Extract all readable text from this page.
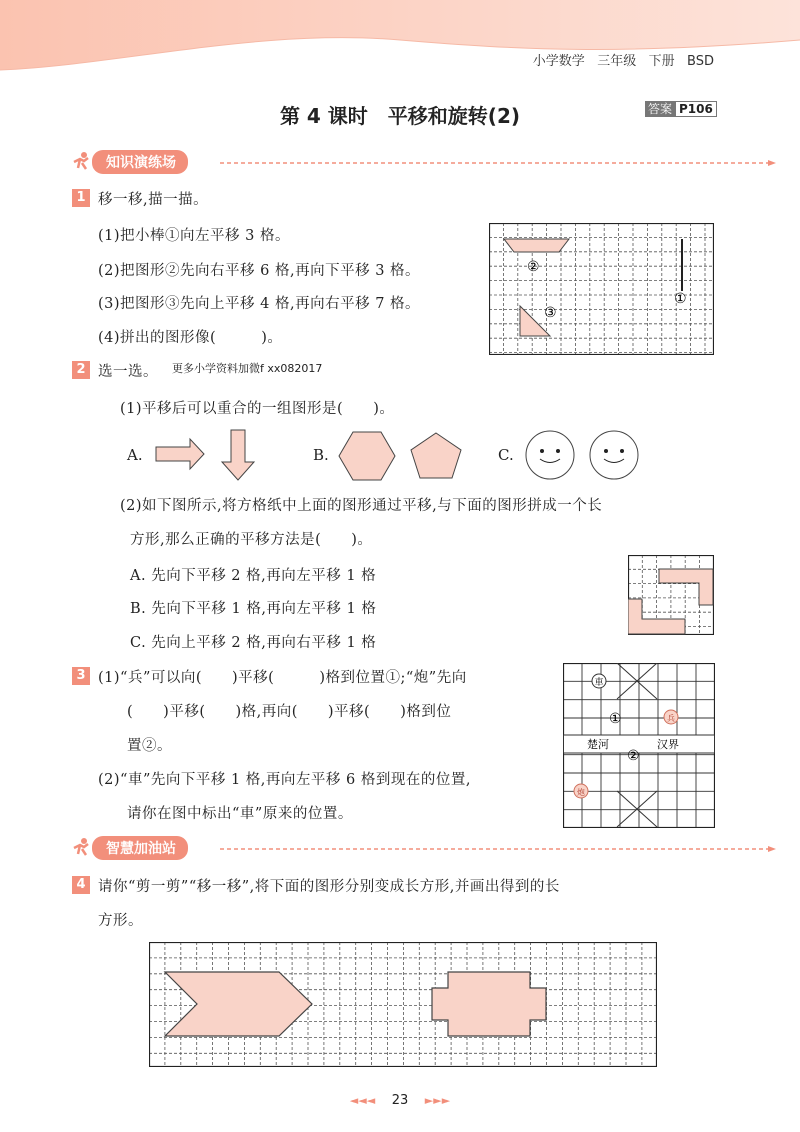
小学数学 三年级 下册 BSD
第 4 课时　平移和旋转(2)	答案 P106
知识演练场
1 移一移,描一描。
(1)把小棒①向左平移 3 格。
(2)把图形②先向右平移 6 格,再向下平移 3 格。
(3)把图形③先向上平移 4 格,再向右平移 7 格。
(4)拼出的图形像(　　　)。
②
①
③
2 选一选。 更多小学资料加微f xx082017
(1)平移后可以重合的一组图形是(　　)。
A.	B.	C.
(2)如下图所示,将方格纸中上面的图形通过平移,与下面的图形拼成一个长
方形,那么正确的平移方法是(　　)。
A. 先向下平移 2 格,再向左平移 1 格
B. 先向下平移 1 格,再向左平移 1 格
C. 先向上平移 2 格,再向右平移 1 格
3 (1)“兵”可以向(　　)平移(　　　)格到位置①;“炮”先向
(　　)平移(　　)格,再向(　　)平移(　　)格到位
置②。
(2)“車”先向下平移 1 格,再向左平移 6 格到现在的位置,
请你在图中标出“車”原来的位置。
楚河	汉界
車
兵
炮
①
②
智慧加油站
4 请你“剪一剪”“移一移”,将下面的图形分别变成长方形,并画出得到的长
方形。
◄◄◄ 23 ►►►
